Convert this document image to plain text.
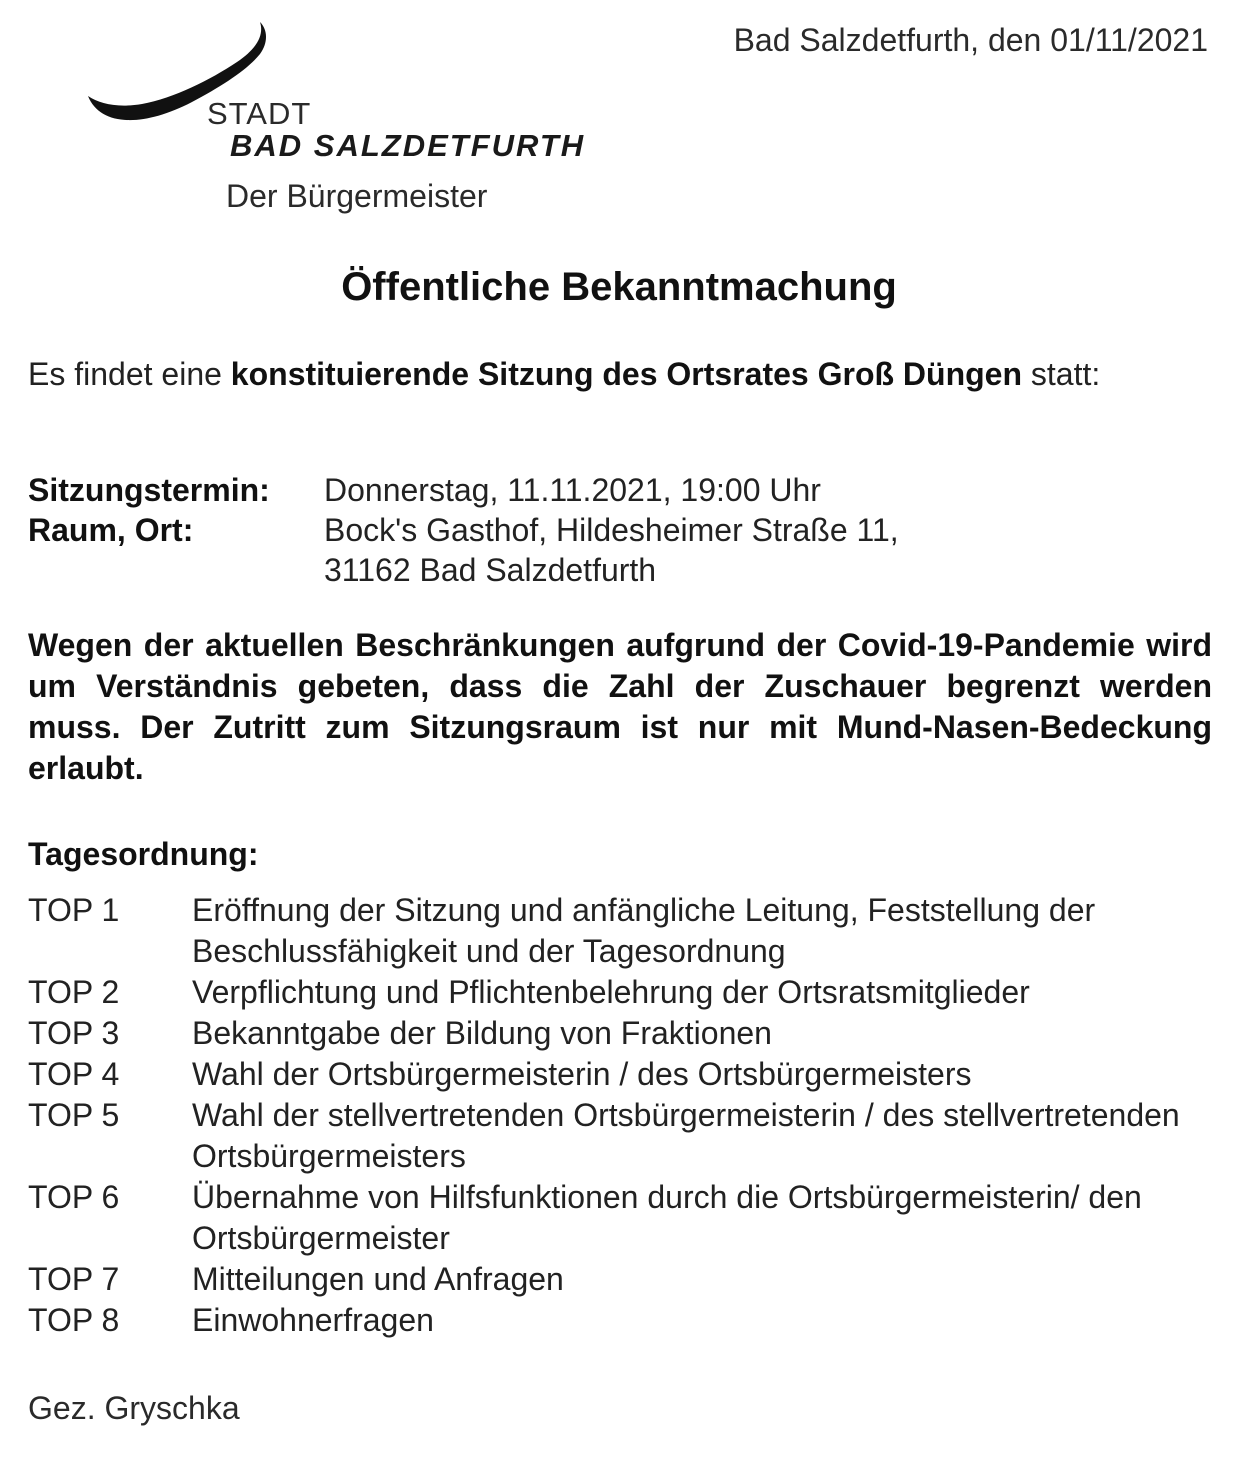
Bad Salzdetfurth, den 01/11/2021
STADT
BAD SALZDETFURTH
Der Bürgermeister
Öffentliche Bekanntmachung
Es findet eine konstituierende Sitzung des Ortsrates Groß Düngen statt:
Sitzungstermin:	Donnerstag, 11.11.2021, 19:00 Uhr
Raum, Ort:	Bock's Gasthof, Hildesheimer Straße 11,
31162 Bad Salzdetfurth
Wegen der aktuellen Beschränkungen aufgrund der Covid-19-Pandemie wird um Verständnis gebeten, dass die Zahl der Zuschauer begrenzt werden muss. Der Zutritt zum Sitzungsraum ist nur mit Mund-Nasen-Bedeckung erlaubt.
Tagesordnung:
TOP 1	Eröffnung der Sitzung und anfängliche Leitung, Feststellung der Beschlussfähigkeit und der Tagesordnung
TOP 2	Verpflichtung und Pflichtenbelehrung der Ortsratsmitglieder
TOP 3	Bekanntgabe der Bildung von Fraktionen
TOP 4	Wahl der Ortsbürgermeisterin / des Ortsbürgermeisters
TOP 5	Wahl der stellvertretenden Ortsbürgermeisterin / des stellvertretenden Ortsbürgermeisters
TOP 6	Übernahme von Hilfsfunktionen durch die Ortsbürgermeisterin/ den Ortsbürgermeister
TOP 7	Mitteilungen und Anfragen
TOP 8	Einwohnerfragen
Gez. Gryschka
